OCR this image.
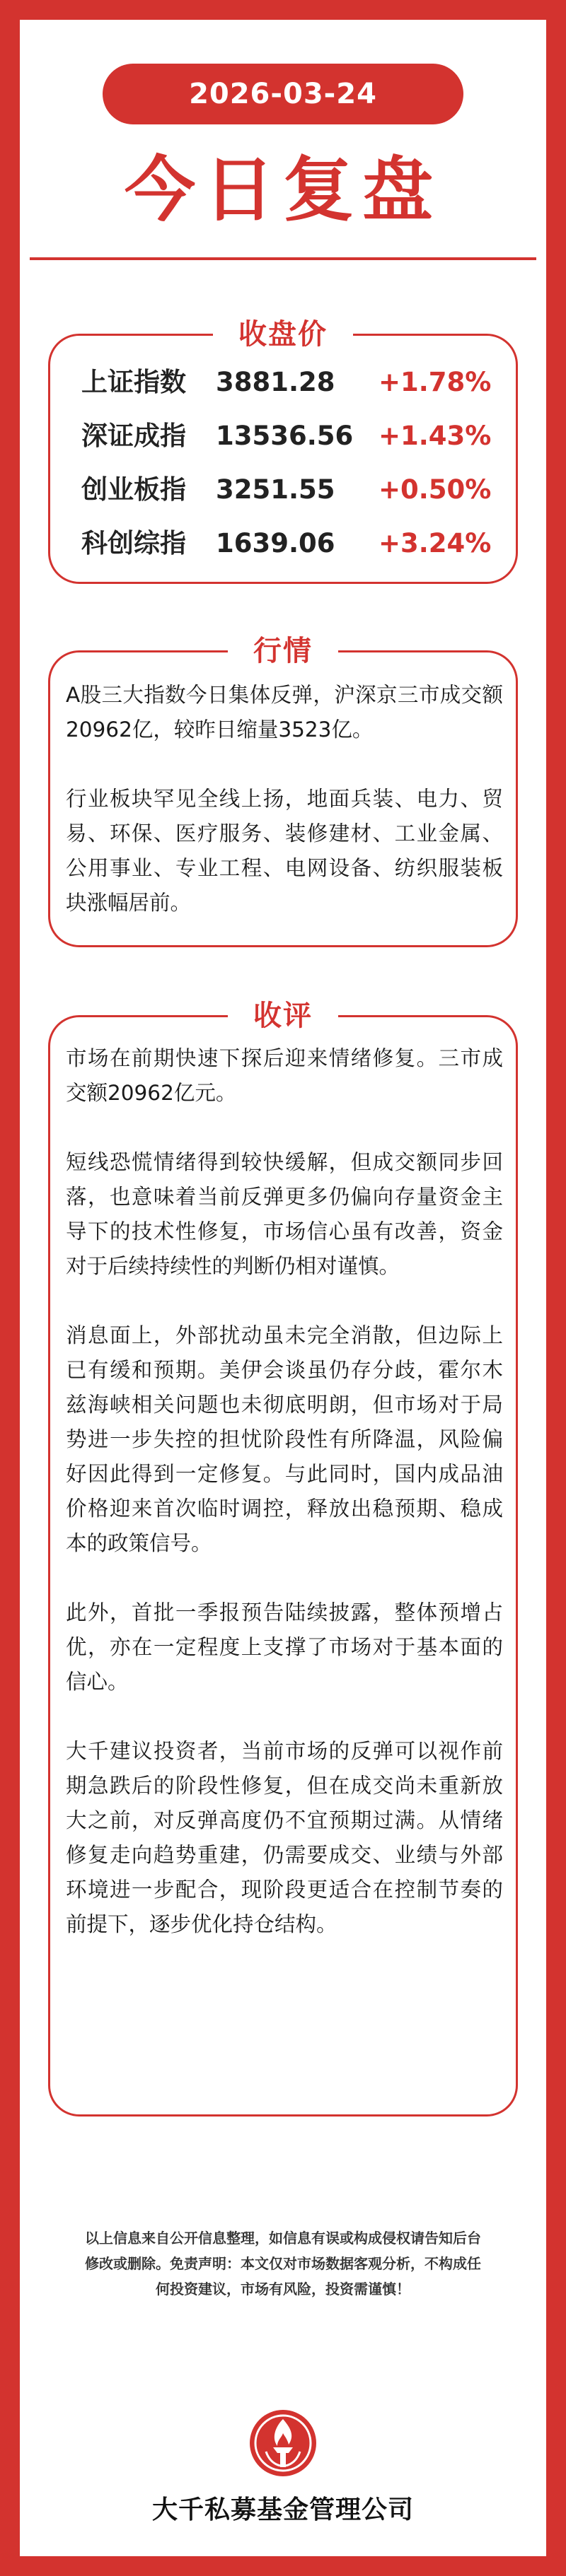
2026-03-24
今日复盘
收盘价
上证指数 3881.28 +1.78%
深证成指 13536.56 +1.43%
创业板指 3251.55 +0.50%
科创综指 1639.06 +3.24%
行情

A股三大指数今日集体反弹，沪深京三市成交额20962亿，较昨日缩量3523亿。

行业板块罕见全线上扬，地面兵装、电力、贸易、环保、医疗服务、装修建材、工业金属、公用事业、专业工程、电网设备、纺织服装板块涨幅居前。

收评

市场在前期快速下探后迎来情绪修复。三市成交额20962亿元。

短线恐慌情绪得到较快缓解，但成交额同步回落，也意味着当前反弹更多仍偏向存量资金主导下的技术性修复，市场信心虽有改善，资金对于后续持续性的判断仍相对谨慎。

消息面上，外部扰动虽未完全消散，但边际上已有缓和预期。美伊会谈虽仍存分歧，霍尔木兹海峡相关问题也未彻底明朗，但市场对于局势进一步失控的担忧阶段性有所降温，风险偏好因此得到一定修复。与此同时，国内成品油价格迎来首次临时调控，释放出稳预期、稳成本的政策信号。

此外，首批一季报预告陆续披露，整体预增占优，亦在一定程度上支撑了市场对于基本面的信心。

大千建议投资者，当前市场的反弹可以视作前期急跌后的阶段性修复，但在成交尚未重新放大之前，对反弹高度仍不宜预期过满。从情绪修复走向趋势重建，仍需要成交、业绩与外部环境进一步配合，现阶段更适合在控制节奏的前提下，逐步优化持仓结构。

以上信息来自公开信息整理，如信息有误或构成侵权请告知后台修改或删除。免责声明：本文仅对市场数据客观分析，不构成任何投资建议，市场有风险，投资需谨慎！
大千私募基金管理公司
